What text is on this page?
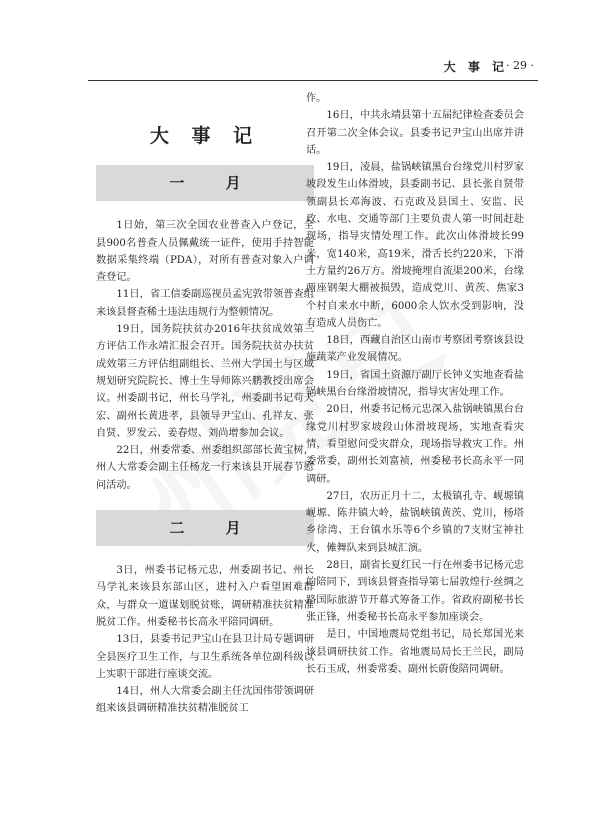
大 事 记
· 29 ·
大 事 记
一 月

1日始，第三次全国农业普查入户登记，全县900名普查人员佩戴统一证件，使用手持智能数据采集终端（PDA），对所有普查对象入户调查登记。

11日，省工信委副巡视员孟宪敦带领普查组来该县督查稀土违法违规行为整顿情况。

19日，国务院扶贫办2016年扶贫成效第三方评估工作永靖汇报会召开。国务院扶贫办扶贫成效第三方评估组副组长、兰州大学国土与区域规划研究院院长、博士生导师陈兴鹏教授出席会议。州委副书记，州长马学礼，州委副书记苟天宏、副州长黄进孝，县领导尹宝山、孔祥友、张自贤、罗发云、姜春煜、刘尚增参加会议。

22日，州委常委、州委组织部部长黄宝树，州人大常委会副主任杨龙一行来该县开展春节慰问活动。

二 月

3日，州委书记杨元忠，州委副书记、州长马学礼来该县东部山区，进村入户看望困难群众，与群众一道谋划脱贫账，调研精准扶贫精准脱贫工作。州委秘书长高永平陪同调研。

13日，县委书记尹宝山在县卫计局专题调研全县医疗卫生工作，与卫生系统各单位副科级以上实职干部进行座谈交流。

14日，州人大常委会副主任沈国伟带领调研组来该县调研精准扶贫精准脱贫工

作。

16日，中共永靖县第十五届纪律检查委员会召开第二次全体会议。县委书记尹宝山出席并讲话。

19日，凌晨，盐锅峡镇黑台台缘党川村罗家坡段发生山体滑坡，县委副书记、县长张自贤带领副县长邓海波、石克政及县国土、安监、民政、水电、交通等部门主要负责人第一时间赶赴现场，指导灾情处理工作。此次山体滑坡长99米，宽140米，高19米，滑舌长约220米，下滑土方量约26万方。滑坡掩埋自流渠200米，台缘两座钢架大棚被损毁，造成党川、黄茨、焦家3个村自来水中断，6000余人饮水受到影响，没有造成人员伤亡。

18日，西藏自治区山南市考察团考察该县设施蔬菜产业发展情况。

19日，省国土资源厅副厅长钟义实地查看盐锅峡黑台台缘滑坡情况，指导灾害处理工作。

20日，州委书记杨元忠深入盐锅峡镇黑台台缘党川村罗家坡段山体滑坡现场，实地查看灾情，看望慰问受灾群众，现场指导救灾工作。州委常委，副州长刘富祯，州委秘书长高永平一同调研。

27日，农历正月十二，太极镇孔寺、岘塬镇岘塬、陈井镇大岭，盐锅峡镇黄茨、党川，杨塔乡徐湾、王台镇水乐等6个乡镇的7支财宝神社火，傩舞队来到县城汇演。

28日，副省长夏红民一行在州委书记杨元忠的陪同下，到该县督查指导第七届敦煌行·丝绸之路国际旅游节开幕式筹备工作。省政府副秘书长张正锋，州委秘书长高永平参加座谈会。

是日，中国地震局党组书记，局长郑国光来该县调研扶贫工作。省地震局局长王兰民，副局长石玉成，州委常委、副州长蔚俊陪同调研。
